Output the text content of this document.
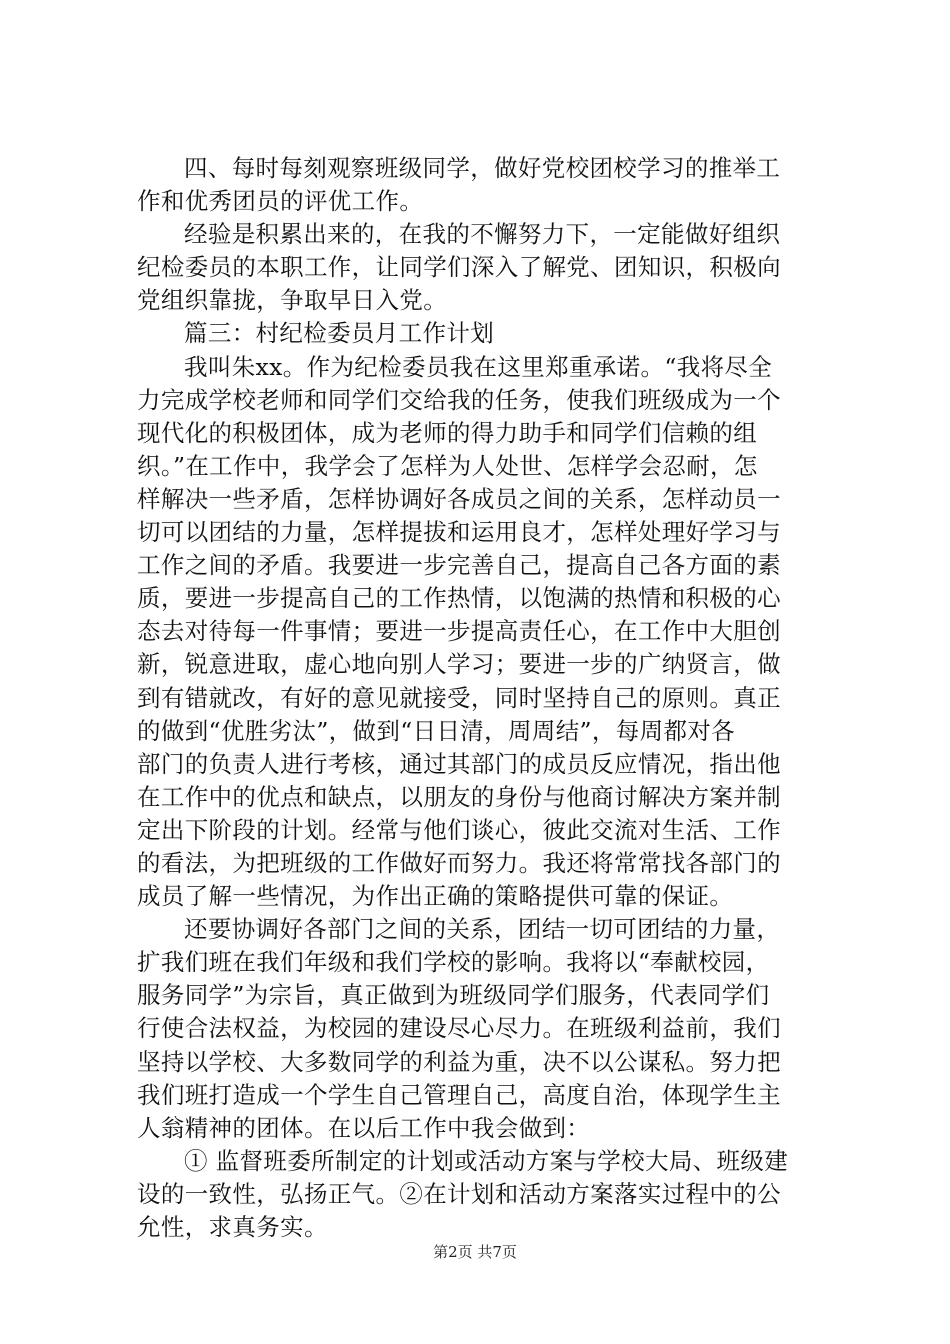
四、每时每刻观察班级同学，做好党校团校学习的推举工
作和优秀团员的评优工作。
经验是积累出来的，在我的不懈努力下，一定能做好组织
纪检委员的本职工作，让同学们深入了解党、团知识，积极向
党组织靠拢，争取早日入党。
篇三：村纪检委员月工作计划
我叫朱xx。作为纪检委员我在这里郑重承诺。“我将尽全
力完成学校老师和同学们交给我的任务，使我们班级成为一个
现代化的积极团体，成为老师的得力助手和同学们信赖的组
织。”在工作中，我学会了怎样为人处世、怎样学会忍耐，怎
样解决一些矛盾，怎样协调好各成员之间的关系，怎样动员一
切可以团结的力量，怎样提拔和运用良才，怎样处理好学习与
工作之间的矛盾。我要进一步完善自己，提高自己各方面的素
质，要进一步提高自己的工作热情，以饱满的热情和积极的心
态去对待每一件事情；要进一步提高责任心，在工作中大胆创
新，锐意进取，虚心地向别人学习；要进一步的广纳贤言，做
到有错就改，有好的意见就接受，同时坚持自己的原则。真正
的做到“优胜劣汰”，做到“日日清，周周结”，每周都对各
部门的负责人进行考核，通过其部门的成员反应情况，指出他
在工作中的优点和缺点，以朋友的身份与他商讨解决方案并制
定出下阶段的计划。经常与他们谈心，彼此交流对生活、工作
的看法，为把班级的工作做好而努力。我还将常常找各部门的
成员了解一些情况，为作出正确的策略提供可靠的保证。
还要协调好各部门之间的关系，团结一切可团结的力量，
扩我们班在我们年级和我们学校的影响。我将以“奉献校园，
服务同学”为宗旨，真正做到为班级同学们服务，代表同学们
行使合法权益，为校园的建设尽心尽力。在班级利益前，我们
坚持以学校、大多数同学的利益为重，决不以公谋私。努力把
我们班打造成一个学生自己管理自己，高度自治，体现学生主
人翁精神的团体。在以后工作中我会做到：
① 监督班委所制定的计划或活动方案与学校大局、班级建
设的一致性，弘扬正气。②在计划和活动方案落实过程中的公
允性，求真务实。
第2页 共7页
